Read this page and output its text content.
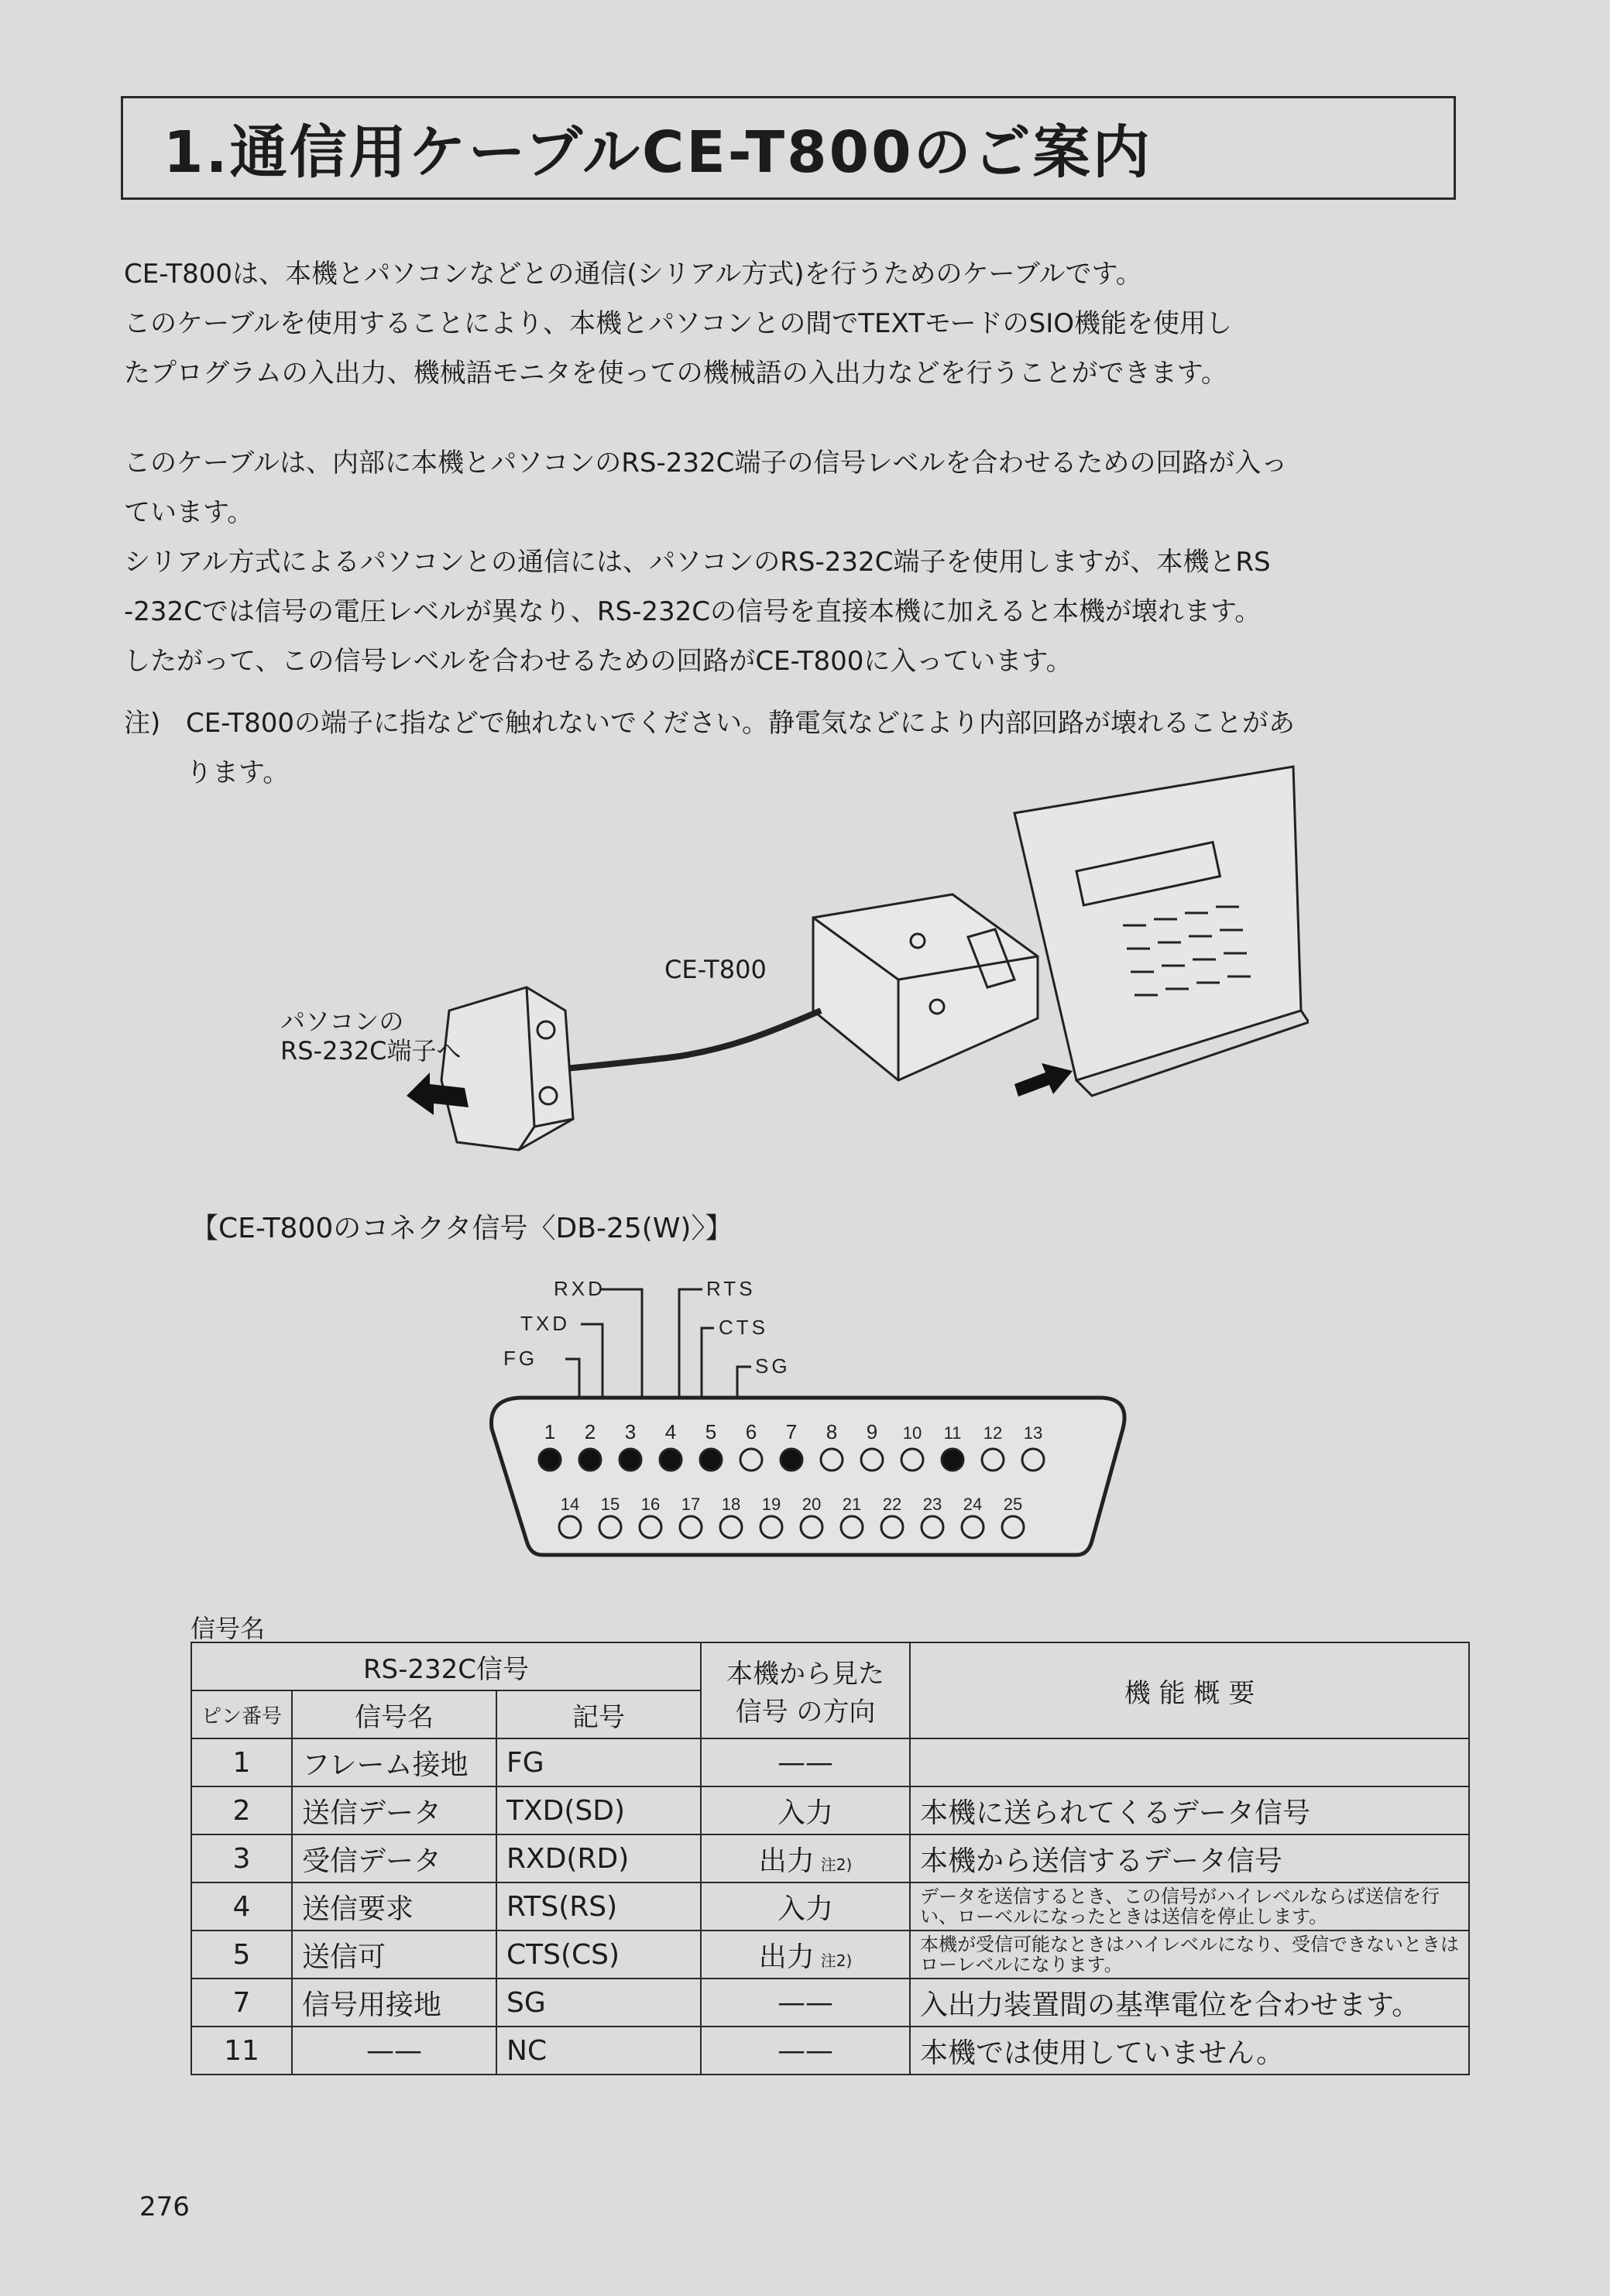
1.通信用ケーブルCE-T800のご案内

CE-T800は、本機とパソコンなどとの通信(シリアル方式)を行うためのケーブルです。

このケーブルを使用することにより、本機とパソコンとの間でTEXTモードのSIO機能を使用し

たプログラムの入出力、機械語モニタを使っての機械語の入出力などを行うことができます。

このケーブルは、内部に本機とパソコンのRS-232C端子の信号レベルを合わせるための回路が入っ

ています。

シリアル方式によるパソコンとの通信には、パソコンのRS-232C端子を使用しますが、本機とRS

-232Cでは信号の電圧レベルが異なり、RS-232Cの信号を直接本機に加えると本機が壊れます。

したがって、この信号レベルを合わせるための回路がCE-T800に入っています。

注) CE-T800の端子に指などで触れないでください。静電気などにより内部回路が壊れることがあ
ります。
CE-T800
パソコンの
RS-232C端子へ
【CE-T800のコネクタ信号〈DB-25(W)〉】
FG
TXD
RXD	RTS
CTS
SG
1 2 3 4 5 6 7 8 9 10 11 12 13
14 15 16 17 18 19 20 21 22 23 24 25
信号名
RS-232C信号			本機から見た
信号 の方向	機 能 概 要
ピン番号	信号名	記号		
1	フレーム接地	FG	——	
2	送信データ	TXD(SD)	入力	本機に送られてくるデータ信号
3	受信データ	RXD(RD)	出力 注2)	本機から送信するデータ信号
4	送信要求	RTS(RS)	入力	データを送信するとき、この信号がハイレベルならば送信を行い、ローベルになったときは送信を停止します。
5	送信可	CTS(CS)	出力 注2)	本機が受信可能なときはハイレベルになり、受信できないときはローレベルになります。
7	信号用接地	SG	——	入出力装置間の基準電位を合わせます。
11	——	NC	——	本機では使用していません。
276
